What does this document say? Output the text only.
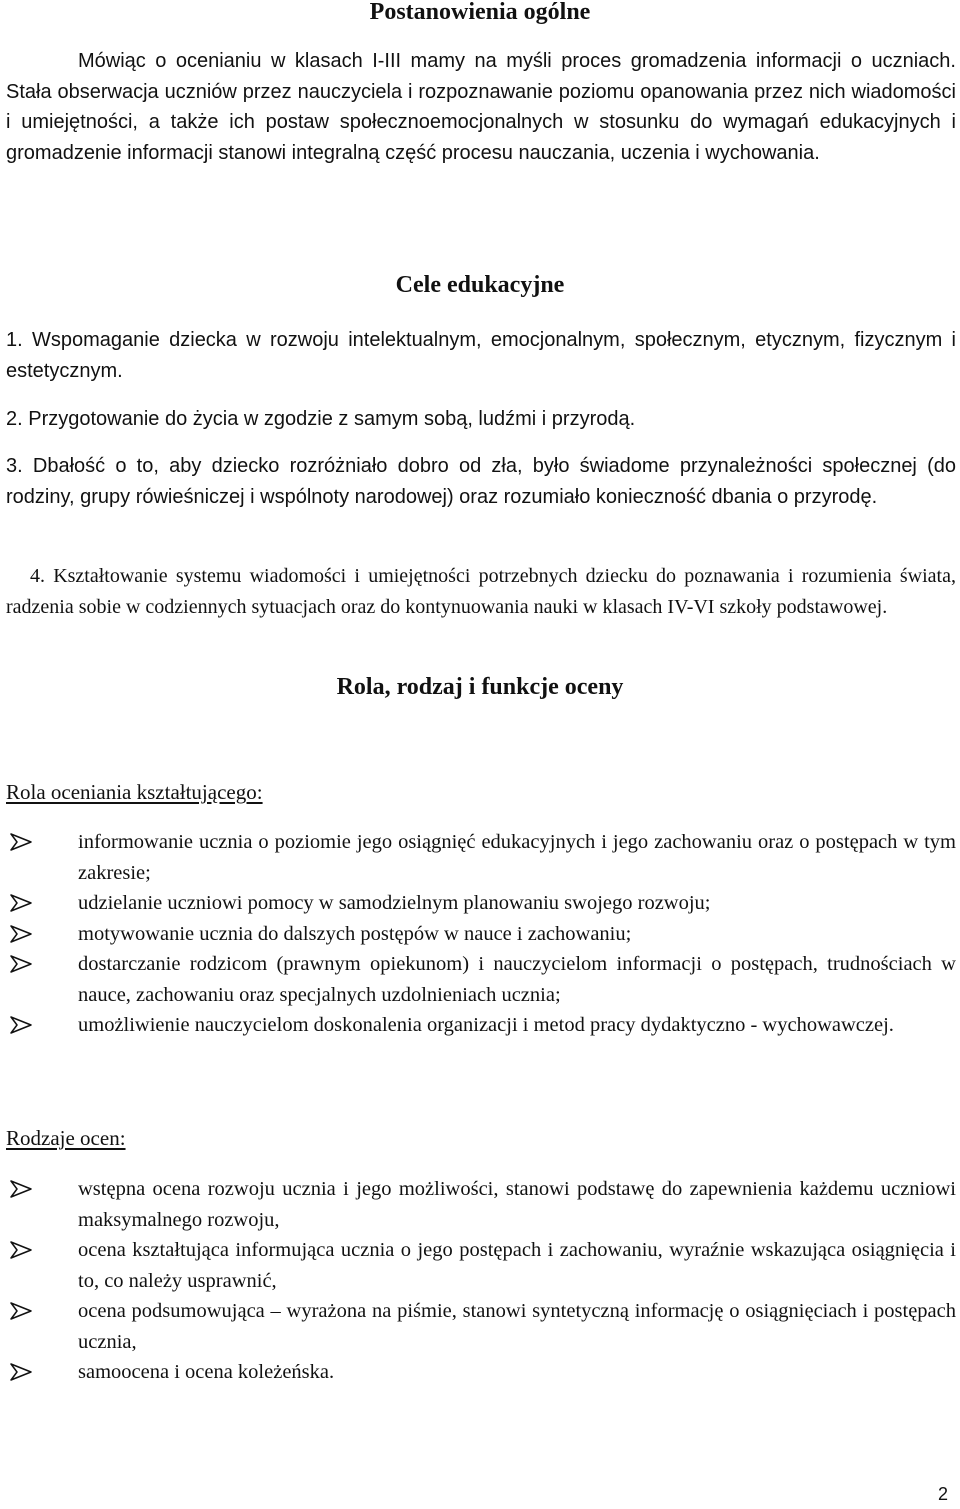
Postanowienia ogólne

Mówiąc o ocenianiu w klasach I-III mamy na myśli proces gromadzenia informacji o uczniach. Stała obserwacja uczniów przez nauczyciela i rozpoznawanie poziomu opanowania przez nich wiadomości i umiejętności, a także ich postaw społecznoemocjonalnych w stosunku do wymagań edukacyjnych i gromadzenie informacji stanowi integralną część procesu nauczania, uczenia i wychowania.

Cele edukacyjne

1. Wspomaganie dziecka w rozwoju intelektualnym, emocjonalnym, społecznym, etycznym, fizycznym i estetycznym.

2. Przygotowanie do życia w zgodzie z samym sobą, ludźmi i przyrodą.

3. Dbałość o to, aby dziecko rozróżniało dobro od zła, było świadome przynależności społecznej (do rodziny, grupy rówieśniczej i wspólnoty narodowej) oraz rozumiało konieczność dbania o przyrodę.

4. Kształtowanie systemu wiadomości i umiejętności potrzebnych dziecku do poznawania i rozumienia świata, radzenia sobie w codziennych sytuacjach oraz do kontynuowania nauki w klasach IV-VI szkoły podstawowej.

Rola, rodzaj i funkcje oceny
Rola oceniania kształtującego:
informowanie ucznia o poziomie jego osiągnięć edukacyjnych i jego zachowaniu oraz o postępach w tym zakresie;
udzielanie uczniowi pomocy w samodzielnym planowaniu swojego rozwoju;
motywowanie ucznia do dalszych postępów w nauce i zachowaniu;
dostarczanie rodzicom (prawnym opiekunom) i nauczycielom informacji o postępach, trudnościach w nauce, zachowaniu oraz specjalnych uzdolnieniach ucznia;
umożliwienie nauczycielom doskonalenia organizacji i metod pracy dydaktyczno - wychowawczej.
Rodzaje ocen:
wstępna ocena rozwoju ucznia i jego możliwości, stanowi podstawę do zapewnienia każdemu uczniowi maksymalnego rozwoju,
ocena kształtująca informująca ucznia o jego postępach i zachowaniu, wyraźnie wskazująca osiągnięcia i to, co należy usprawnić,
ocena podsumowująca – wyrażona na piśmie, stanowi syntetyczną informację o osiągnięciach i postępach ucznia,
samoocena i ocena koleżeńska.
2
